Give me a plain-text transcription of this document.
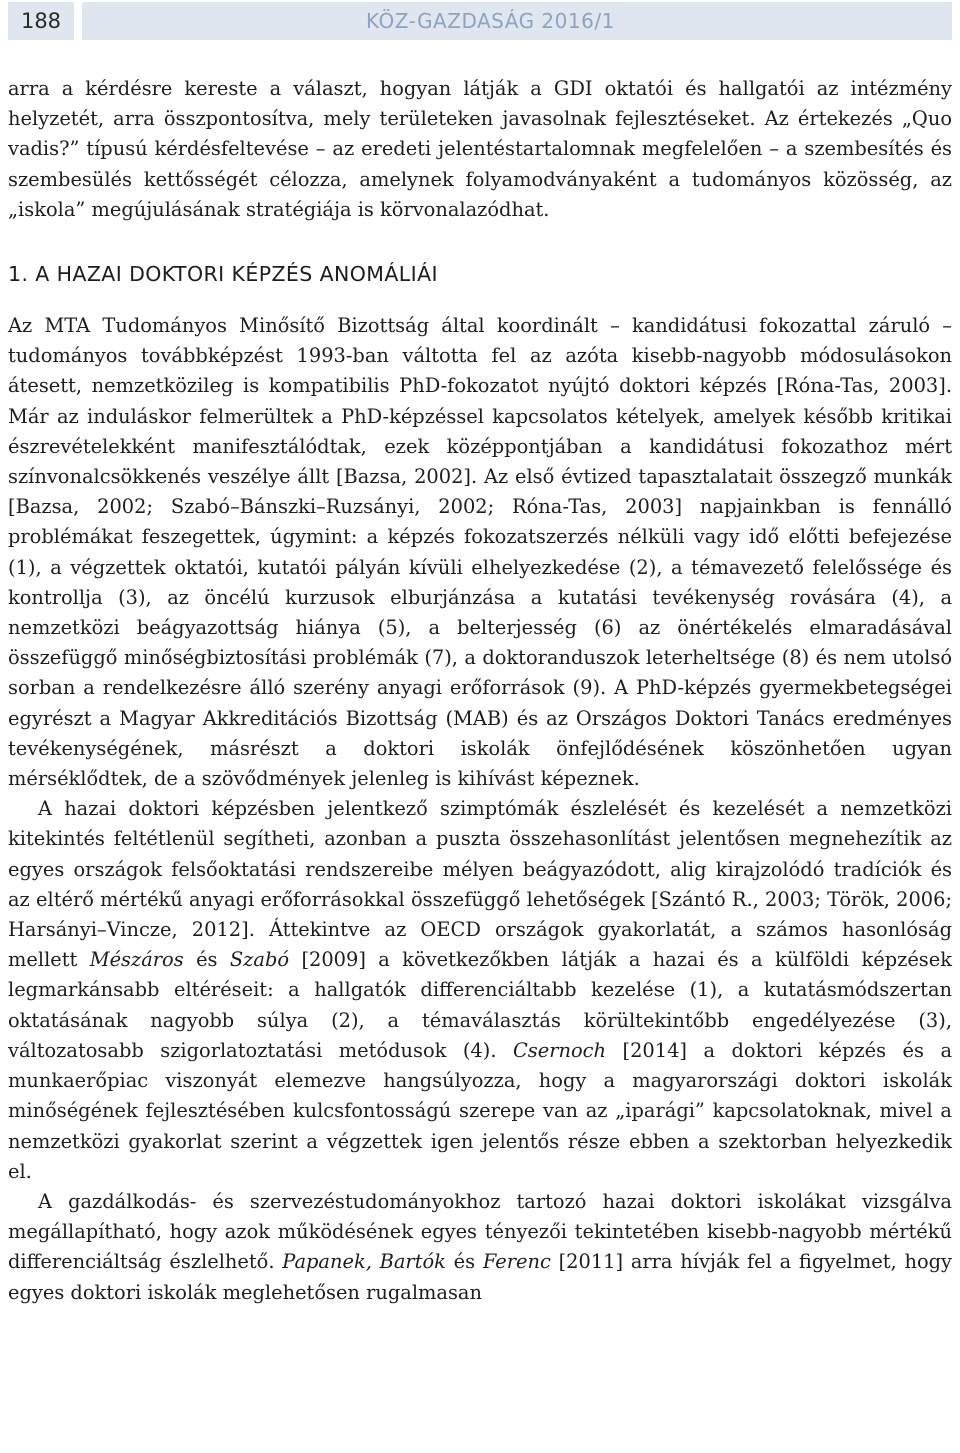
188	KÖZ-GAZDASÁG 2016/1

arra a kérdésre kereste a választ, hogyan látják a GDI oktatói és hallgatói az intézmény helyzetét, arra összpontosítva, mely területeken javasolnak fejlesztéseket. Az értekezés „Quo vadis?” típusú kérdésfeltevése – az eredeti jelentéstartalomnak megfelelően – a szembesítés és szembesülés kettősségét célozza, amelynek folyamodványaként a tudományos közösség, az „iskola” megújulásának stratégiája is körvonalazódhat.

1. A HAZAI DOKTORI KÉPZÉS ANOMÁLIÁI

Az MTA Tudományos Minősítő Bizottság által koordinált – kandidátusi fokozattal záruló – tudományos továbbképzést 1993-ban váltotta fel az azóta kisebb-nagyobb módosulásokon átesett, nemzetközileg is kompatibilis PhD-fokozatot nyújtó doktori képzés [Róna-Tas, 2003]. Már az induláskor felmerültek a PhD-képzéssel kapcsolatos kételyek, amelyek később kritikai észrevételekként manifesztálódtak, ezek középpontjában a kandidátusi fokozathoz mért színvonalcsökkenés veszélye állt [Bazsa, 2002]. Az első évtized tapasztalatait összegző munkák [Bazsa, 2002; Szabó–Bánszki–Ruzsányi, 2002; Róna-Tas, 2003] napjainkban is fennálló problémákat feszegettek, úgymint: a képzés fokozatszerzés nélküli vagy idő előtti befejezése (1), a végzettek oktatói, kutatói pályán kívüli elhelyezkedése (2), a témavezető felelőssége és kontrollja (3), az öncélú kurzusok elburjánzása a kutatási tevékenység rovására (4), a nemzetközi beágyazottság hiánya (5), a belterjesség (6) az önértékelés elmaradásával összefüggő minőségbiztosítási problémák (7), a doktoranduszok leterheltsége (8) és nem utolsó sorban a rendelkezésre álló szerény anyagi erőforrások (9). A PhD-képzés gyermekbetegségei egyrészt a Magyar Akkreditációs Bizottság (MAB) és az Országos Doktori Tanács eredményes tevékenységének, másrészt a doktori iskolák önfejlődésének köszönhetően ugyan mérséklődtek, de a szövődmények jelenleg is kihívást képeznek.

A hazai doktori képzésben jelentkező szimptómák észlelését és kezelését a nemzetközi kitekintés feltétlenül segítheti, azonban a puszta összehasonlítást jelentősen megnehezítik az egyes országok felsőoktatási rendszereibe mélyen beágyazódott, alig kirajzolódó tradíciók és az eltérő mértékű anyagi erőforrásokkal összefüggő lehetőségek [Szántó R., 2003; Török, 2006; Harsányi–Vincze, 2012]. Áttekintve az OECD országok gyakorlatát, a számos hasonlóság mellett Mészáros és Szabó [2009] a következőkben látják a hazai és a külföldi képzések legmarkánsabb eltéréseit: a hallgatók differenciáltabb kezelése (1), a kutatásmódszertan oktatásának nagyobb súlya (2), a témaválasztás körültekintőbb engedélyezése (3), változatosabb szigorlatoztatási metódusok (4). Csernoch [2014] a doktori képzés és a munkaerőpiac viszonyát elemezve hangsúlyozza, hogy a magyarországi doktori iskolák minőségének fejlesztésében kulcsfontosságú szerepe van az „iparági” kapcsolatoknak, mivel a nemzetközi gyakorlat szerint a végzettek igen jelentős része ebben a szektorban helyezkedik el.

A gazdálkodás- és szervezéstudományokhoz tartozó hazai doktori iskolákat vizsgálva megállapítható, hogy azok működésének egyes tényezői tekintetében kisebb-nagyobb mértékű differenciáltság észlelhető. Papanek, Bartók és Ferenc [2011] arra hívják fel a figyelmet, hogy egyes doktori iskolák meglehetősen rugalmasan
